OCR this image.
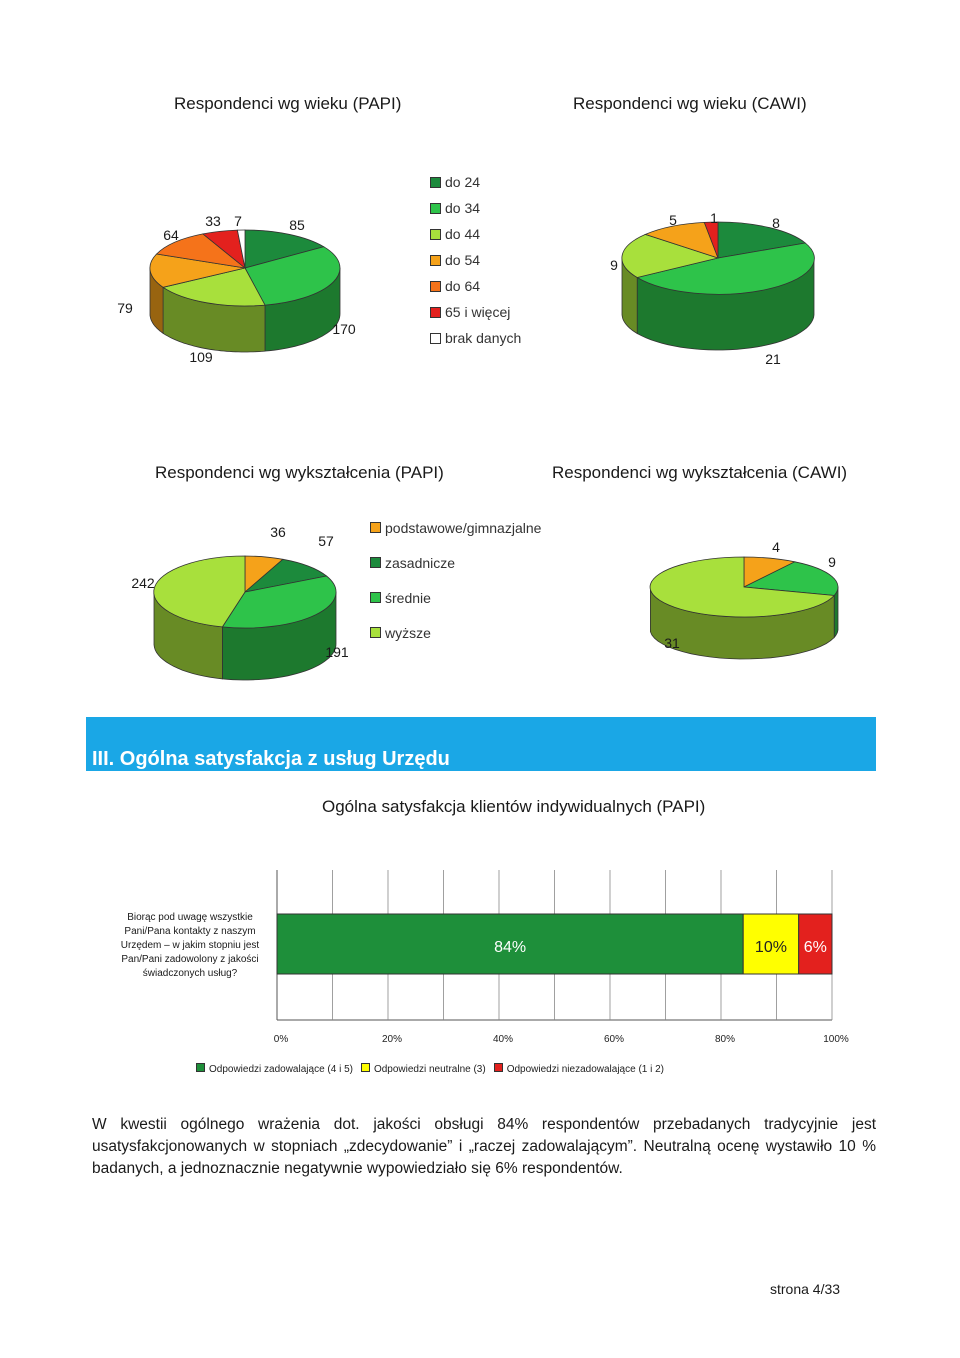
Respondenci wg wieku (PAPI)	Respondenci wg wieku (CAWI)
85
170
109
79
64
33 7	8
21
9
5 1
36
57
191
242
4
9
31
do 24
do 34
do 44
do 54
do 64
65 i więcej
brak danych
Respondenci wg wykształcenia (PAPI)	Respondenci wg wykształcenia (CAWI)
podstawowe/gimnazjalne
zasadnicze
średnie
wyższe
III. Ogólna satysfakcja z usług Urzędu
Ogólna satysfakcja klientów indywidualnych (PAPI)
Biorąc pod uwagę wszystkie Pani/Pana kontakty z naszym Urzędem – w jakim stopniu jest Pan/Pani zadowolony z jakości świadczonych usług?
84%	10% 6%
0%	20%	40%	60%	80%	100%
Odpowiedzi zadowalające (4 i 5)	Odpowiedzi neutralne (3)	Odpowiedzi niezadowalające (1 i 2)
W kwestii ogólnego wrażenia dot. jakości obsługi 84% respondentów przebadanych tradycyjnie jest usatysfakcjonowanych w stopniach „zdecydowanie” i „raczej zadowalającym”. Neutralną ocenę wystawiło 10 % badanych, a jednoznacznie negatywnie wypowiedziało się 6% respondentów.
strona 4/33
